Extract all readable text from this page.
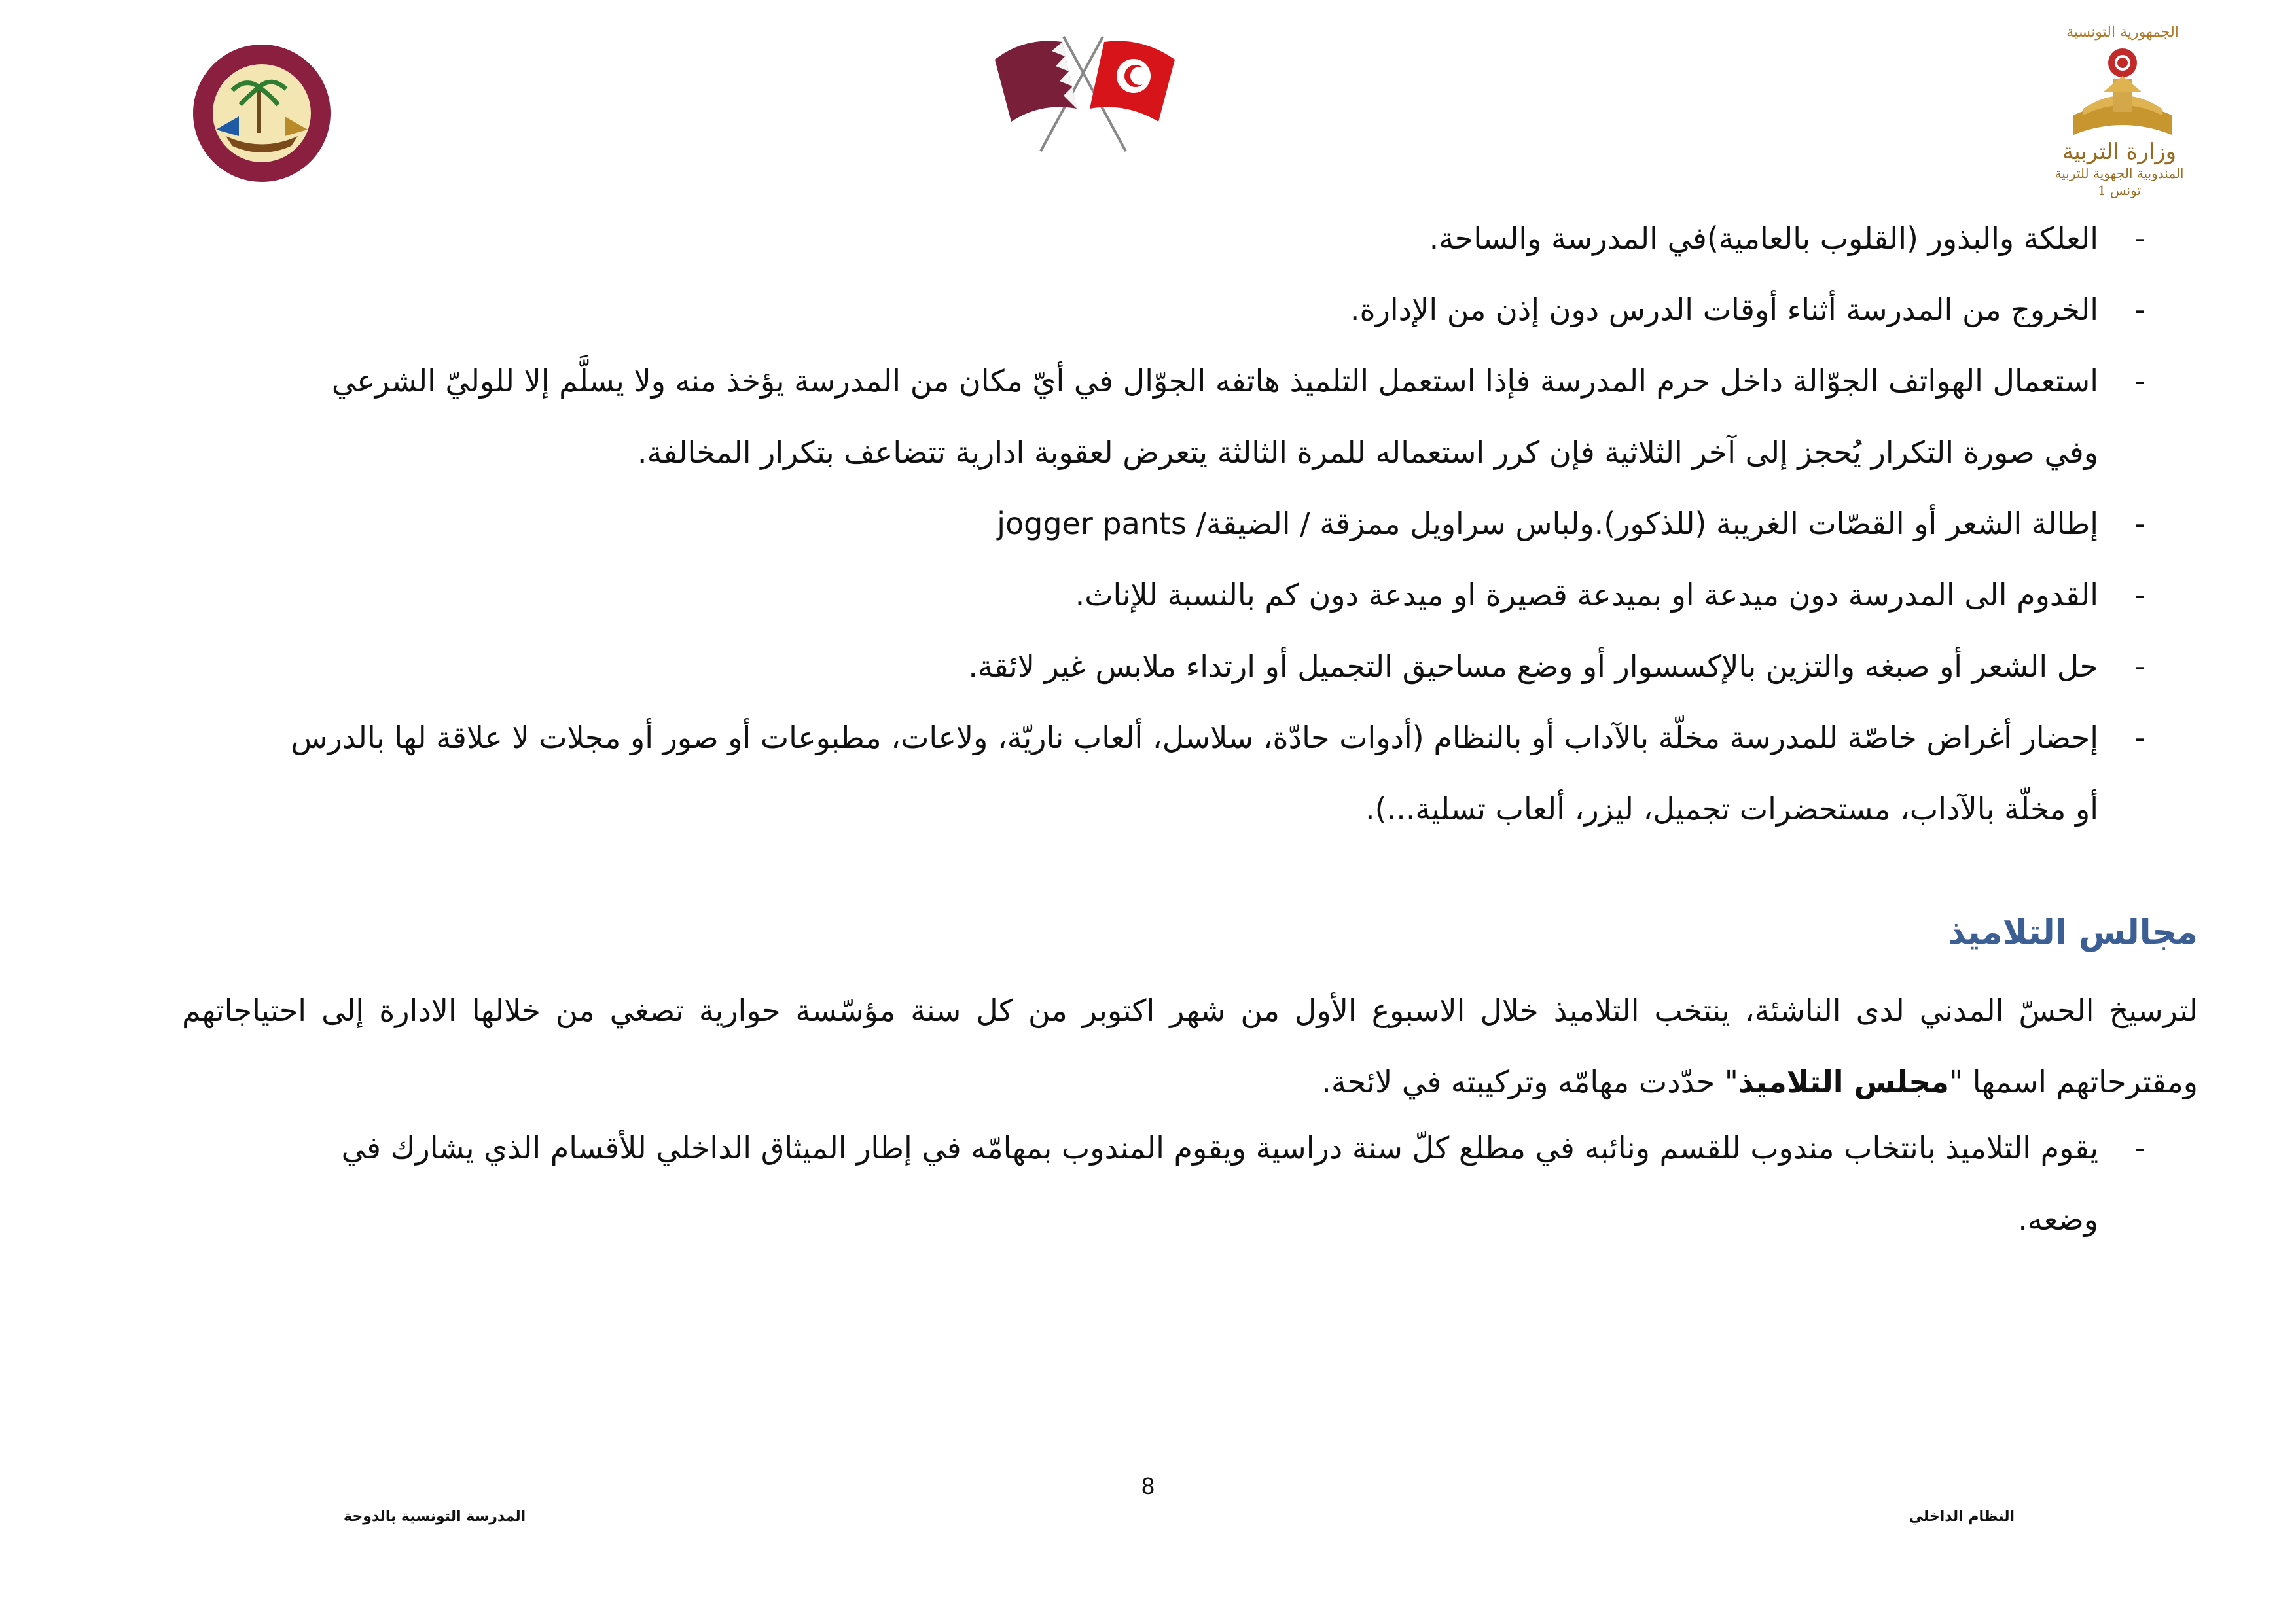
الجمهورية التونسية
وزارة التربية
المندوبية الجهوية للتربية تونس 1
-
العلكة والبذور (القلوب بالعامية)في المدرسة والساحة.
-
الخروج من المدرسة أثناء أوقات الدرس دون إذن من الإدارة.
-
استعمال الهواتف الجوّالة داخل حرم المدرسة فإذا استعمل التلميذ هاتفه الجوّال في أيّ مكان من المدرسة يؤخذ منه ولا يسلَّم إلا للوليّ الشرعي وفي صورة التكرار يُحجز إلى آخر الثلاثية فإن كرر استعماله للمرة الثالثة يتعرض لعقوبة ادارية تتضاعف بتكرار المخالفة.
-
إطالة الشعر أو القصّات الغريبة (للذكور).ولباس سراويل ممزقة / الضيقة/ jogger pants
-
القدوم الى المدرسة دون ميدعة او بميدعة قصيرة او ميدعة دون كم بالنسبة للإناث.
-
حل الشعر أو صبغه والتزين بالإكسسوار أو وضع مساحيق التجميل أو ارتداء ملابس غير لائقة.
-
إحضار أغراض خاصّة للمدرسة مخلّة بالآداب أو بالنظام (أدوات حادّة، سلاسل، ألعاب ناريّة، ولاعات، مطبوعات أو صور أو مجلات لا علاقة لها بالدرس أو مخلّة بالآداب، مستحضرات تجميل، ليزر، ألعاب تسلية...).
مجالس التلاميذ
لترسيخ الحسّ المدني لدى الناشئة، ينتخب التلاميذ خلال الاسبوع الأول من شهر اكتوبر من كل سنة مؤسّسة حوارية تصغي من خلالها الادارة إلى احتياجاتهم ومقترحاتهم اسمها "مجلس التلاميذ" حدّدت مهامّه وتركيبته في لائحة.
-
يقوم التلاميذ بانتخاب مندوب للقسم ونائبه في مطلع كلّ سنة دراسية ويقوم المندوب بمهامّه في إطار الميثاق الداخلي للأقسام الذي يشارك في وضعه.
8
النظام الداخلي
المدرسة التونسية بالدوحة
